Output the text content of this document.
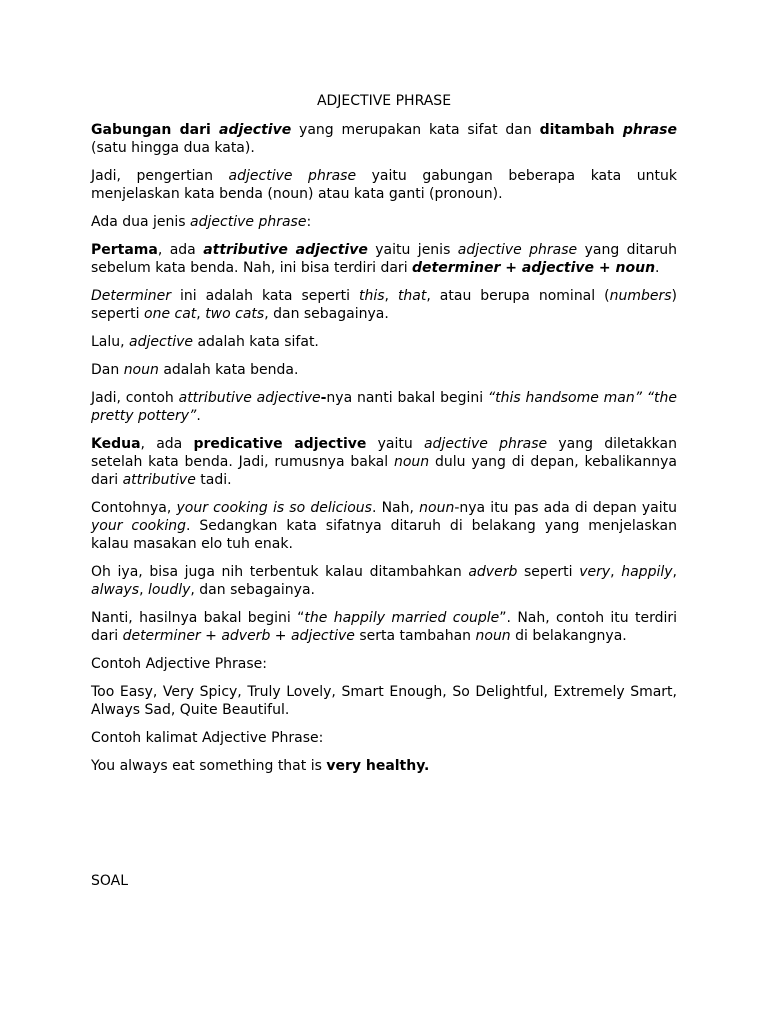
ADJECTIVE PHRASE

Gabungan dari adjective yang merupakan kata sifat dan ditambah phrase (satu hingga dua kata).

Jadi, pengertian adjective phrase yaitu gabungan beberapa kata untuk menjelaskan kata benda (noun) atau kata ganti (pronoun).

Ada dua jenis adjective phrase:

Pertama, ada attributive adjective yaitu jenis adjective phrase yang ditaruh sebelum kata benda. Nah, ini bisa terdiri dari determiner + adjective + noun.

Determiner ini adalah kata seperti this, that, atau berupa nominal (numbers) seperti one cat, two cats, dan sebagainya.

Lalu, adjective adalah kata sifat.

Dan noun adalah kata benda.

Jadi, contoh attributive adjective-nya nanti bakal begini “this handsome man” “the pretty pottery”.

Kedua, ada predicative adjective yaitu adjective phrase yang diletakkan setelah kata benda. Jadi, rumusnya bakal noun dulu yang di depan, kebalikannya dari attributive tadi.

Contohnya, your cooking is so delicious. Nah, noun-nya itu pas ada di depan yaitu your cooking. Sedangkan kata sifatnya ditaruh di belakang yang menjelaskan kalau masakan elo tuh enak.

Oh iya, bisa juga nih terbentuk kalau ditambahkan adverb seperti very, happily, always, loudly, dan sebagainya.

Nanti, hasilnya bakal begini “the happily married couple”. Nah, contoh itu terdiri dari determiner + adverb + adjective serta tambahan noun di belakangnya.

Contoh Adjective Phrase:

Too Easy, Very Spicy, Truly Lovely, Smart Enough, So Delightful, Extremely Smart, Always Sad, Quite Beautiful.

Contoh kalimat Adjective Phrase:

You always eat something that is very healthy.

SOAL
